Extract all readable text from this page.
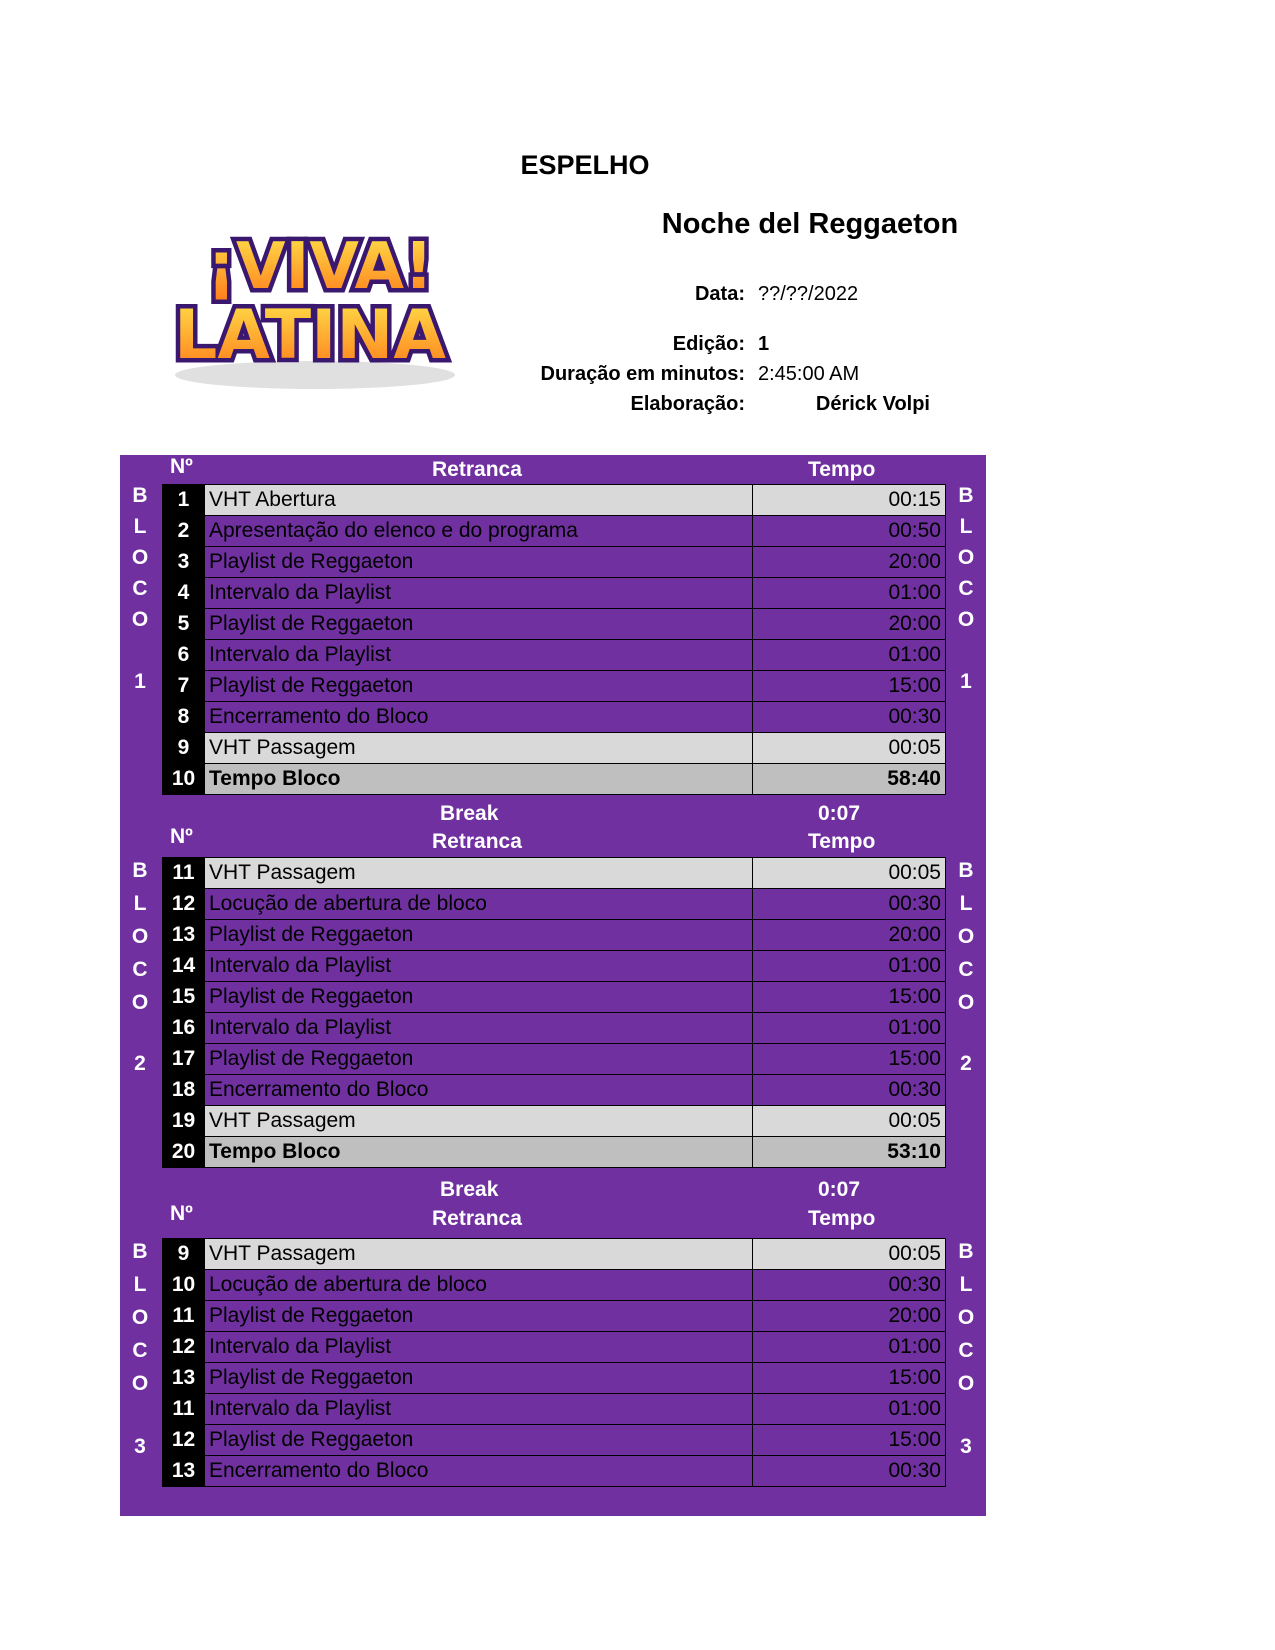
ESPELHO
¡VIVA!
LATINA
Noche del Reggaeton
Data: ??/??/2022
Edição: 1
Duração em minutos: 2:45:00 AM
Elaboração:	Dérick Volpi
Nº	Retranca	Tempo
1	VHT Abertura	00:15
2	Apresentação do elenco e do programa	00:50
3	Playlist de Reggaeton	20:00
4	Intervalo da Playlist	01:00
5	Playlist de Reggaeton	20:00
6	Intervalo da Playlist	01:00
7	Playlist de Reggaeton	15:00
8	Encerramento do Bloco	00:30
9	VHT Passagem	00:05
10	Tempo Bloco	58:40
B
L
O
C
O
1
B
L
O
C
O
1
Break	0:07
Nº	Retranca	Tempo
11	VHT Passagem	00:05
12	Locução de abertura de bloco	00:30
13	Playlist de Reggaeton	20:00
14	Intervalo da Playlist	01:00
15	Playlist de Reggaeton	15:00
16	Intervalo da Playlist	01:00
17	Playlist de Reggaeton	15:00
18	Encerramento do Bloco	00:30
19	VHT Passagem	00:05
20	Tempo Bloco	53:10
B
L
O
C
O
2
B
L
O
C
O
2
Break	0:07
Nº	Retranca	Tempo
9	VHT Passagem	00:05
10	Locução de abertura de bloco	00:30
11	Playlist de Reggaeton	20:00
12	Intervalo da Playlist	01:00
13	Playlist de Reggaeton	15:00
11	Intervalo da Playlist	01:00
12	Playlist de Reggaeton	15:00
13	Encerramento do Bloco	00:30
B
L
O
C
O
3
B
L
O
C
O
3
